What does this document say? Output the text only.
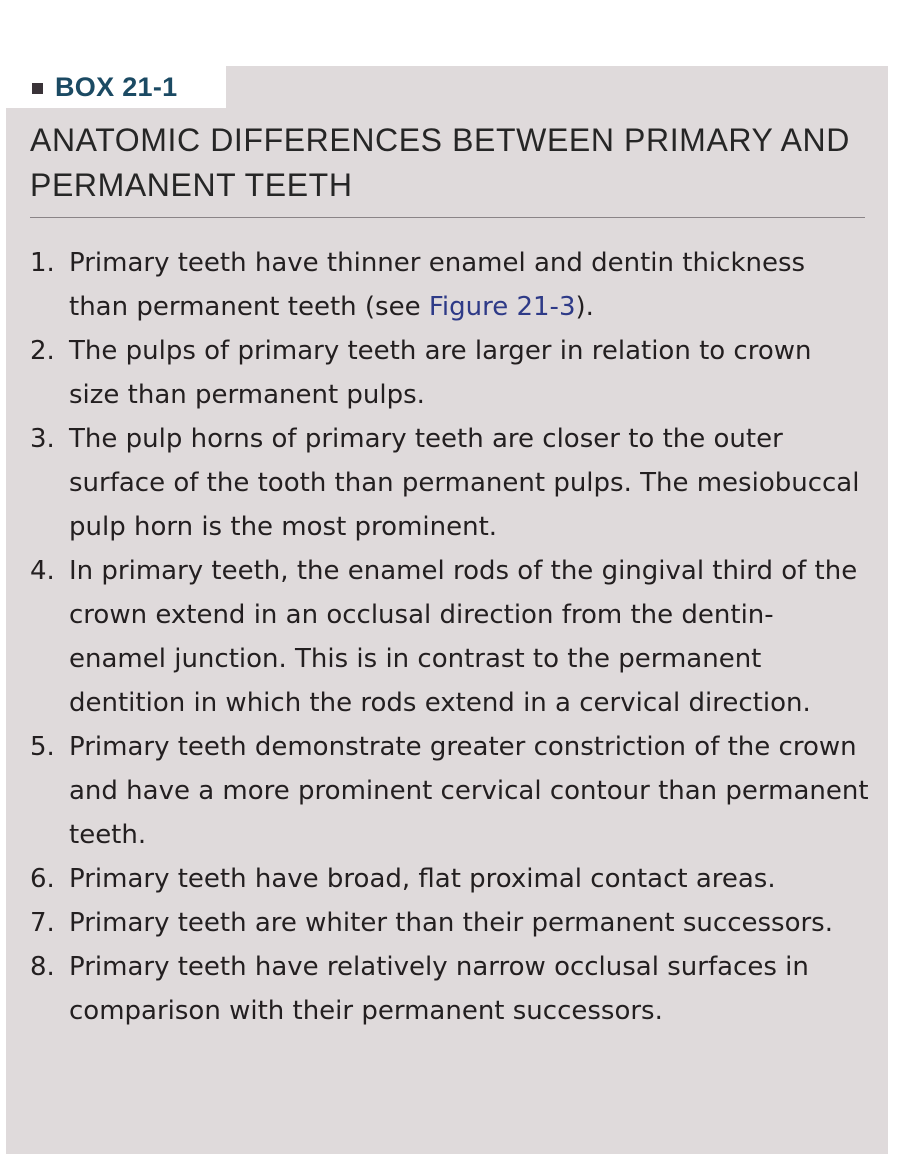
BOX 21-1
ANATOMIC DIFFERENCES BETWEEN PRIMARY AND PERMANENT TEETH
1. Primary teeth have thinner enamel and dentin thickness than permanent teeth (see Figure 21-3).
2. The pulps of primary teeth are larger in relation to crown size than permanent pulps.
3. The pulp horns of primary teeth are closer to the outer surface of the tooth than permanent pulps. The mesiobuccal pulp horn is the most prominent.
4. In primary teeth, the enamel rods of the gingival third of the crown extend in an occlusal direction from the dentin-enamel junction. This is in contrast to the permanent dentition in which the rods extend in a cervical direction.
5. Primary teeth demonstrate greater constriction of the crown and have a more prominent cervical contour than permanent teeth.
6. Primary teeth have broad, flat proximal contact areas.
7. Primary teeth are whiter than their permanent successors.
8. Primary teeth have relatively narrow occlusal surfaces in comparison with their permanent successors.
